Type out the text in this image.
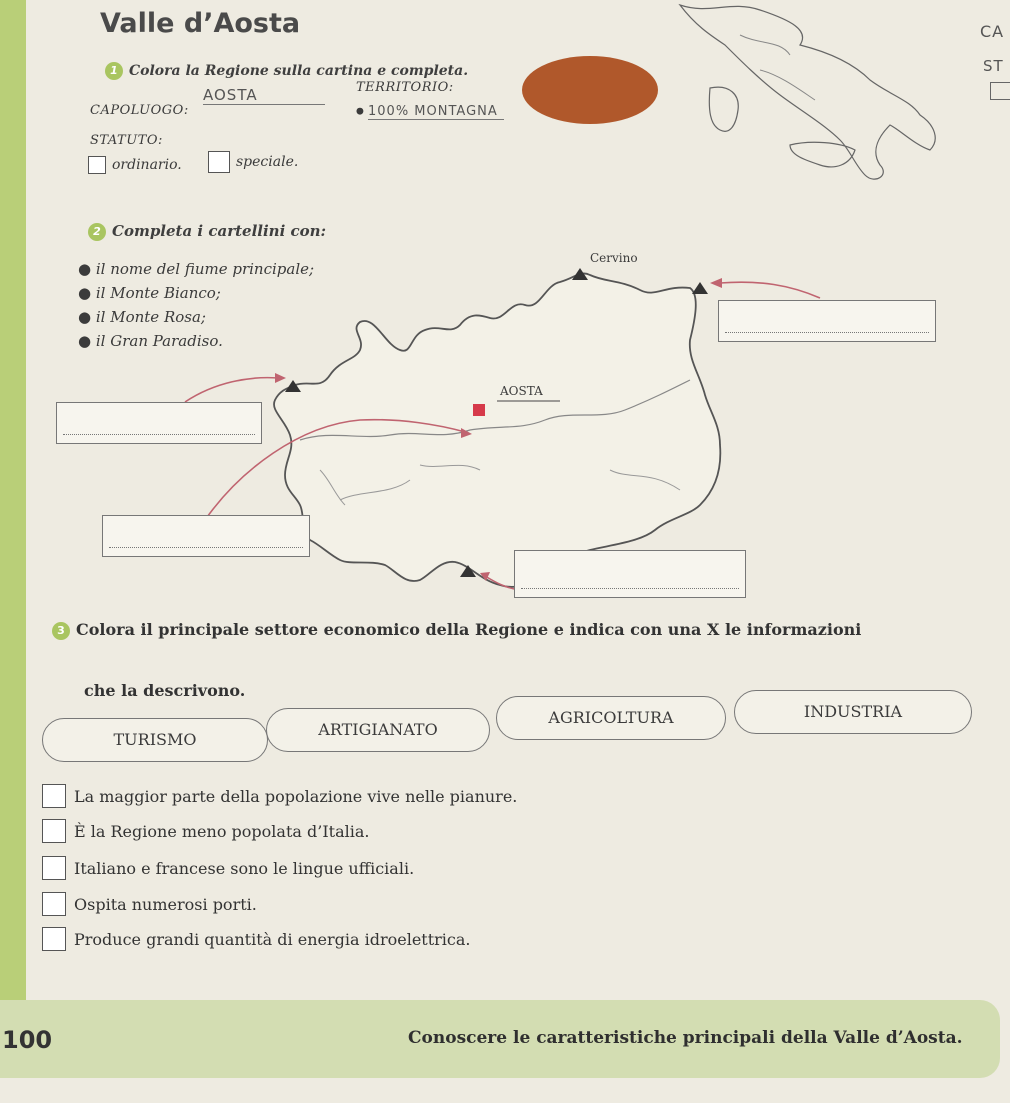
Valle d’Aosta	CA
ST
1 Colora la Regione sulla cartina e completa.
CAPOLUOGO:
AOSTA	TERRITORIO:
● 100% MONTAGNA
STATUTO:
ordinario.	speciale.
2 Completa i cartellini con:
● il nome del fiume principale;
● il Monte Bianco;
● il Monte Rosa;
● il Gran Paradiso.
Cervino
AOSTA
3 Colora il principale settore economico della Regione e indica con una X le informazioni
che la descrivono.
TURISMO
ARTIGIANATO
AGRICOLTURA	INDUSTRIA
La maggior parte della popolazione vive nelle pianure.
È la Regione meno popolata d’Italia.
Italiano e francese sono le lingue ufficiali.
Ospita numerosi porti.
Produce grandi quantità di energia idroelettrica.
100	Conoscere le caratteristiche principali della Valle d’Aosta.
